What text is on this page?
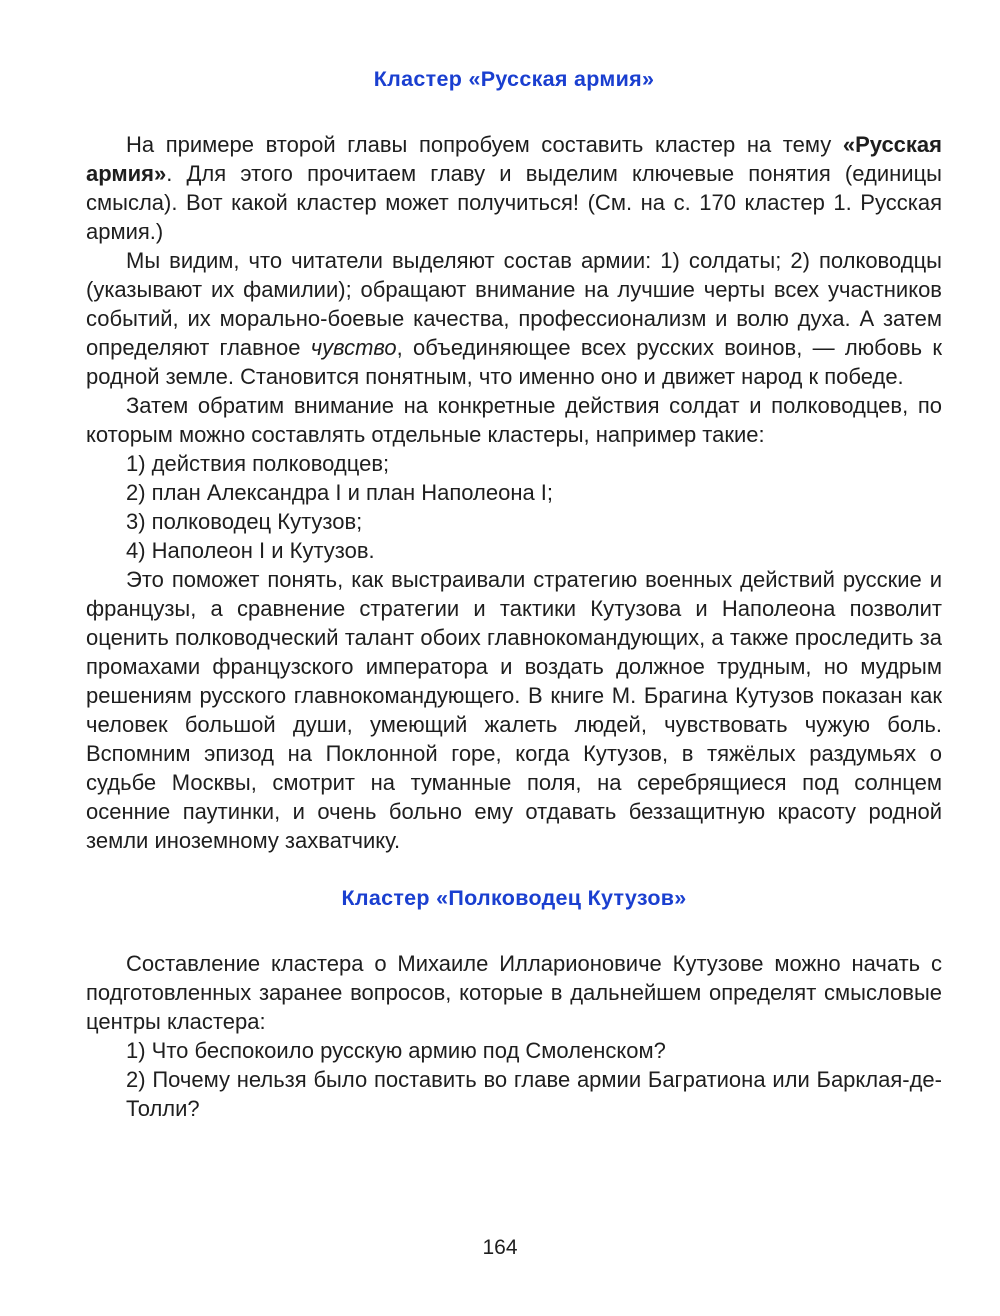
Кластер «Русская армия»

На примере второй главы попробуем составить кластер на тему «Русская армия». Для этого прочитаем главу и выделим ключевые понятия (единицы смысла). Вот какой кластер может получиться! (См. на с. 170 кластер 1. Русская армия.)

Мы видим, что читатели выделяют состав армии: 1) солдаты; 2) полководцы (указывают их фамилии); обращают внимание на лучшие черты всех участников событий, их морально-боевые качества, профессионализм и волю духа. А затем определяют главное чувство, объединяющее всех русских воинов, — любовь к родной земле. Становится понятным, что именно оно и движет народ к победе.

Затем обратим внимание на конкретные действия солдат и полководцев, по которым можно составлять отдельные кластеры, например такие:

1) действия полководцев;
2) план Александра I и план Наполеона I;
3) полководец Кутузов;
4) Наполеон I и Кутузов.

Это поможет понять, как выстраивали стратегию военных действий русские и французы, а сравнение стратегии и тактики Кутузова и Наполеона позволит оценить полководческий талант обоих главнокомандующих, а также проследить за промахами французского императора и воздать должное трудным, но мудрым решениям русского главнокомандующего. В книге М. Брагина Кутузов показан как человек большой души, умеющий жалеть людей, чувствовать чужую боль. Вспомним эпизод на Поклонной горе, когда Кутузов, в тяжёлых раздумьях о судьбе Москвы, смотрит на туманные поля, на серебрящиеся под солнцем осенние паутинки, и очень больно ему отдавать беззащитную красоту родной земли иноземному захватчику.

Кластер «Полководец Кутузов»

Составление кластера о Михаиле Илларионовиче Кутузове можно начать с подготовленных заранее вопросов, которые в дальнейшем определят смысловые центры кластера:

1) Что беспокоило русскую армию под Смоленском?
2) Почему нельзя было поставить во главе армии Багратиона или Барклая-де-Толли?
164
